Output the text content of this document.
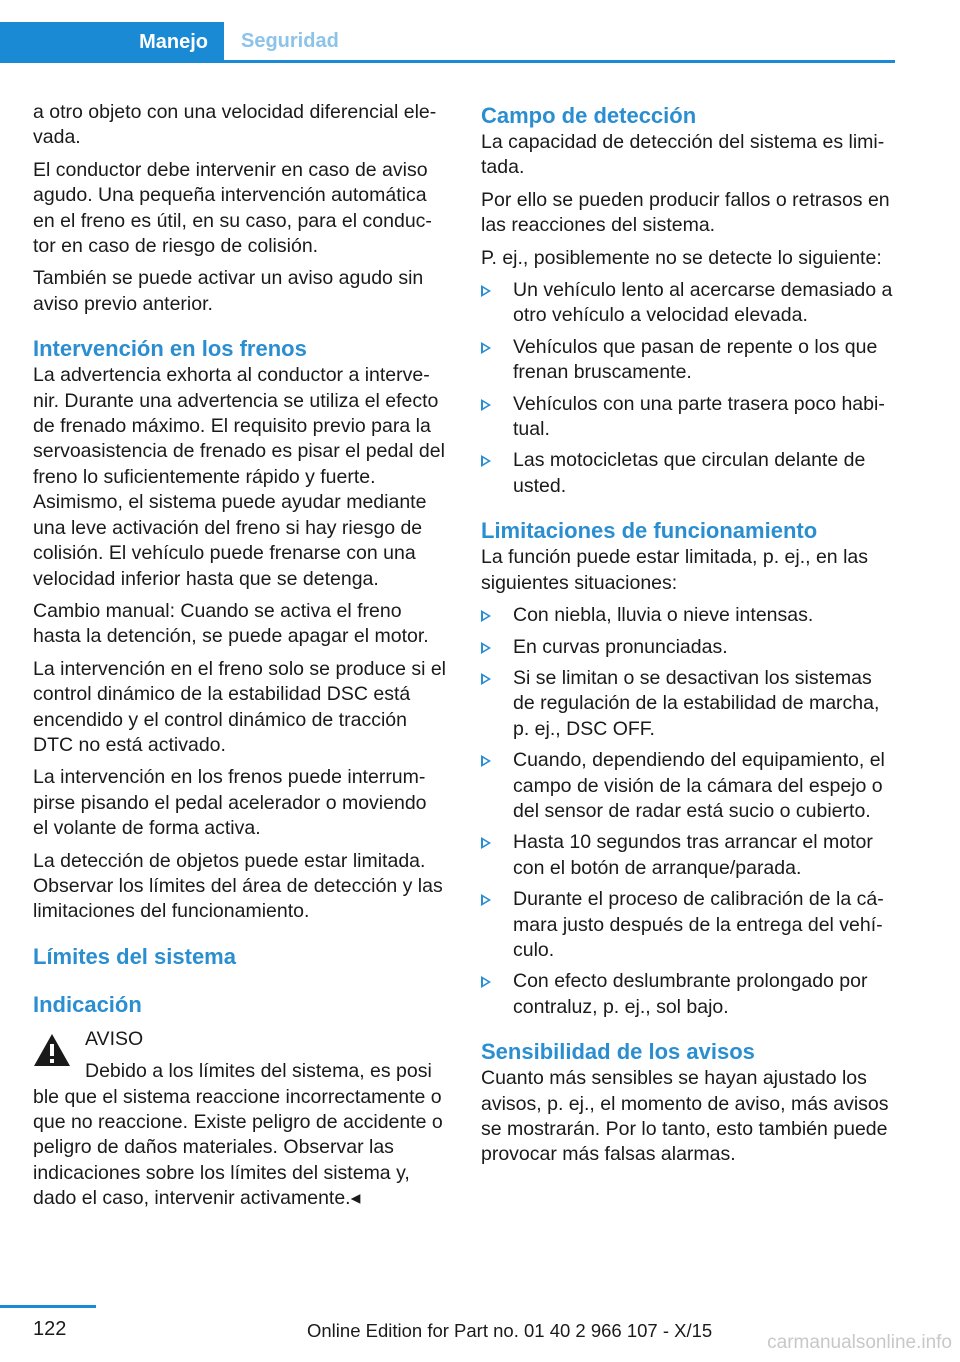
Manejo	Seguridad

a otro objeto con una velocidad diferencial elevada.

El conductor debe intervenir en caso de aviso agudo. Una pequeña intervención automática en el freno es útil, en su caso, para el conductor en caso de riesgo de colisión.

También se puede activar un aviso agudo sin aviso previo anterior.

Intervención en los frenos

La advertencia exhorta al conductor a intervenir. Durante una advertencia se utiliza el efecto de frenado máximo. El requisito previo para la servoasistencia de frenado es pisar el pedal del freno lo suficientemente rápido y fuerte. Asimismo, el sistema puede ayudar mediante una leve activación del freno si hay riesgo de colisión. El vehículo puede frenarse con una velocidad inferior hasta que se detenga.

Cambio manual: Cuando se activa el freno hasta la detención, se puede apagar el motor.

La intervención en el freno solo se produce si el control dinámico de la estabilidad DSC está encendido y el control dinámico de tracción DTC no está activado.

La intervención en los frenos puede interrumpirse pisando el pedal acelerador o moviendo el volante de forma activa.

La detección de objetos puede estar limitada. Observar los límites del área de detección y las limitaciones del funcionamiento.

Límites del sistema
Indicación

AVISO

Debido a los límites del sistema, es posi

ble que el sistema reaccione incorrectamente o que no reaccione. Existe peligro de accidente o peligro de daños materiales. Observar las indicaciones sobre los límites del sistema y, dado el caso, intervenir activamente.◂

Campo de detección

La capacidad de detección del sistema es limitada.

Por ello se pueden producir fallos o retrasos en las reacciones del sistema.

P. ej., posiblemente no se detecte lo siguiente:

Un vehículo lento al acercarse demasiado a otro vehículo a velocidad elevada.
Vehículos que pasan de repente o los que frenan bruscamente.
Vehículos con una parte trasera poco habitual.
Las motocicletas que circulan delante de usted.
Limitaciones de funcionamiento

La función puede estar limitada, p. ej., en las siguientes situaciones:

Con niebla, lluvia o nieve intensas.
En curvas pronunciadas.
Si se limitan o se desactivan los sistemas de regulación de la estabilidad de marcha, p. ej., DSC OFF.
Cuando, dependiendo del equipamiento, el campo de visión de la cámara del espejo o del sensor de radar está sucio o cubierto.
Hasta 10 segundos tras arrancar el motor con el botón de arranque/parada.
Durante el proceso de calibración de la cámara justo después de la entrega del vehículo.
Con efecto deslumbrante prolongado por contraluz, p. ej., sol bajo.
Sensibilidad de los avisos

Cuanto más sensibles se hayan ajustado los avisos, p. ej., el momento de aviso, más avisos se mostrarán. Por lo tanto, esto también puede provocar más falsas alarmas.

122	Online Edition for Part no. 01 40 2 966 107 - X/15
carmanualsonline.info
